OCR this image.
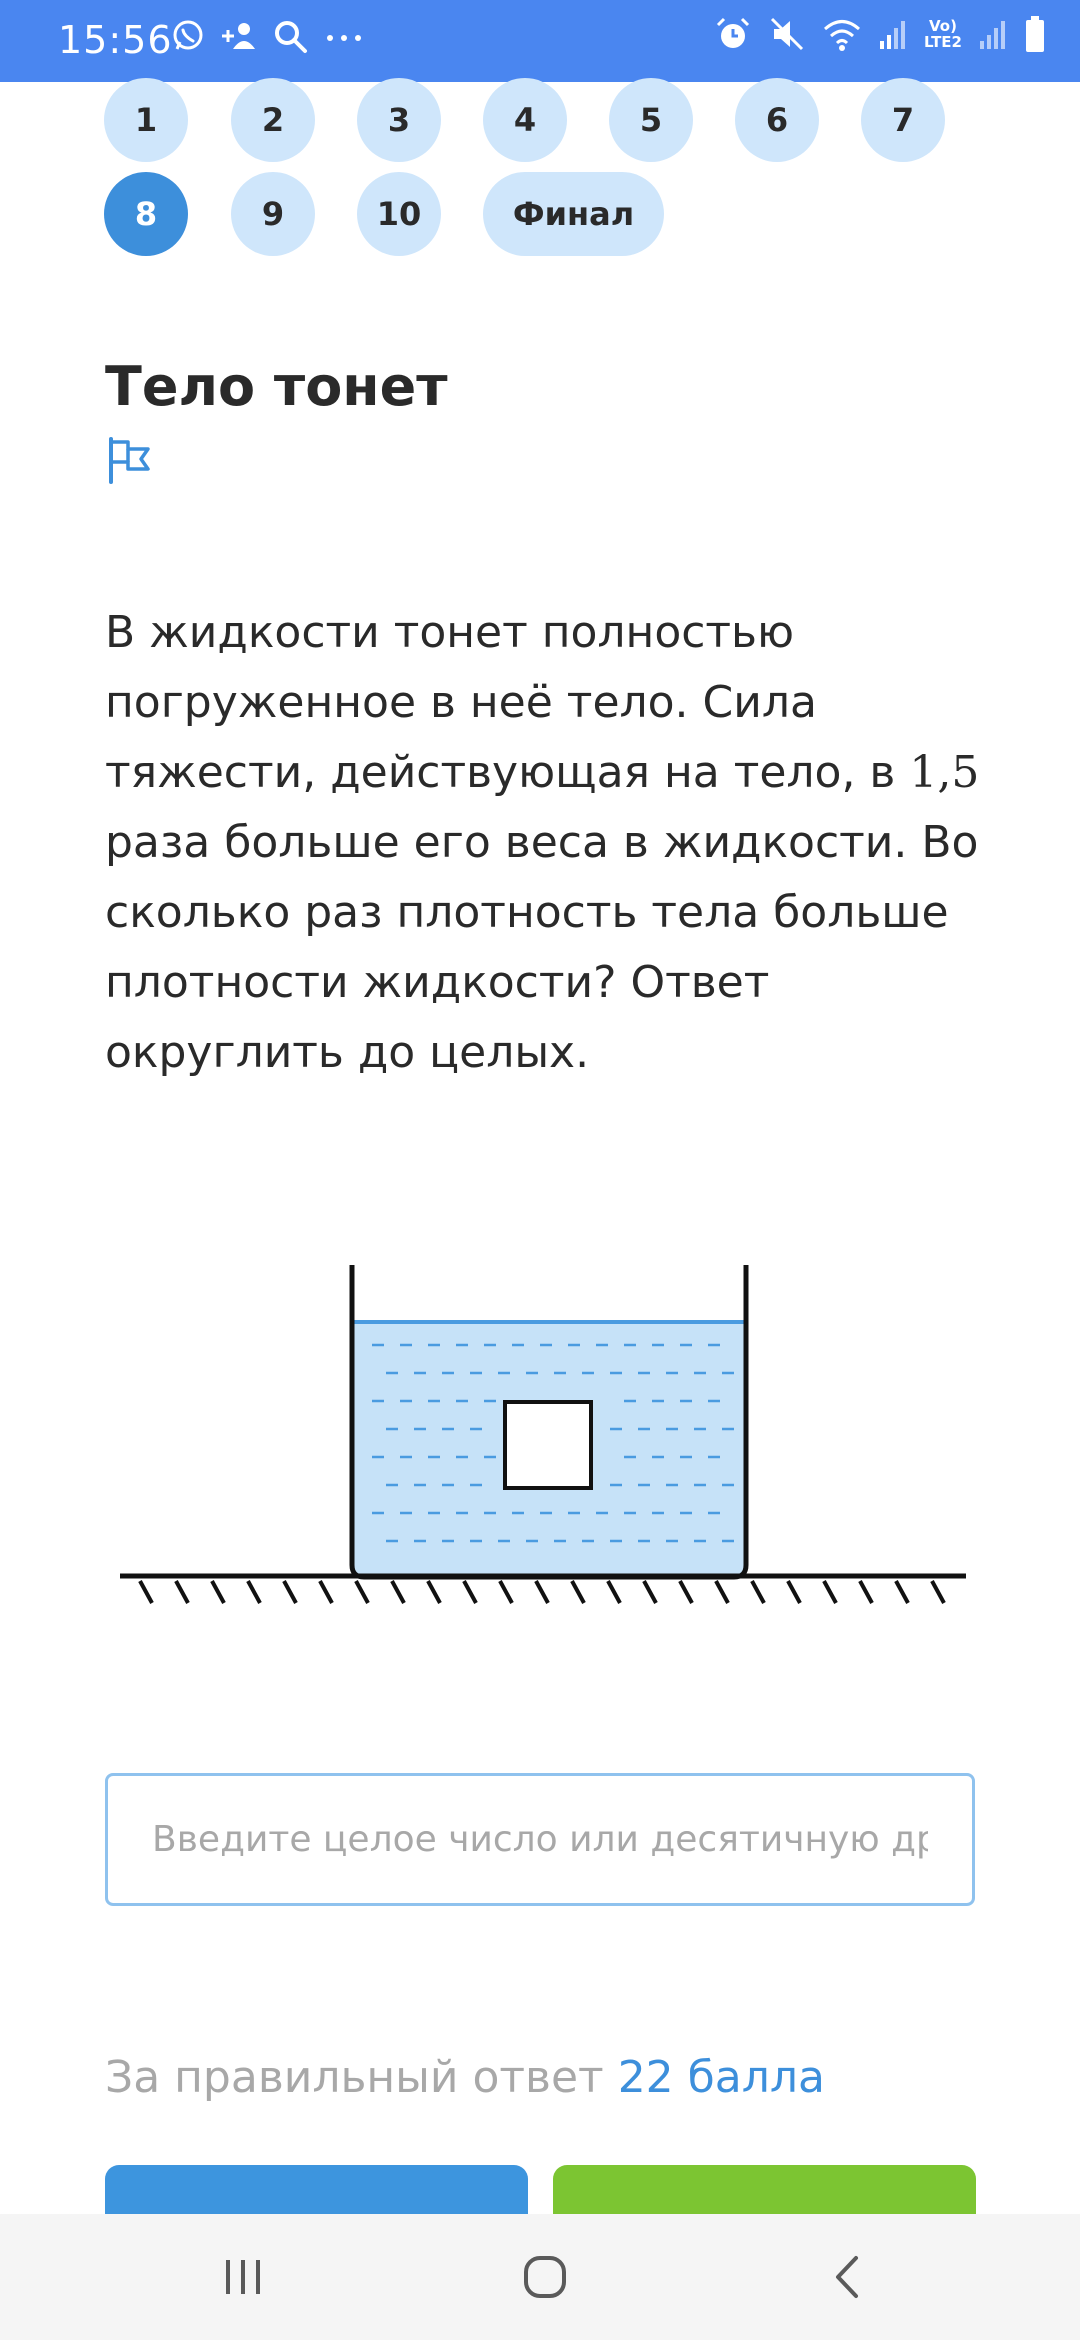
15:56	Vo)
LTE2
1	2	3	4	5	6	7
8	9	10	Финал
Тело тонет

В жидкости тонет полностью погруженное в неё тело. Сила тяжести, действующая на тело, в 1,5 раза больше его веса в жидкости. Во сколько раз плотность тела больше плотности жидкости? Ответ округлить до целых.

Введите целое число или десятичную дробь
За правильный ответ 22 балла
